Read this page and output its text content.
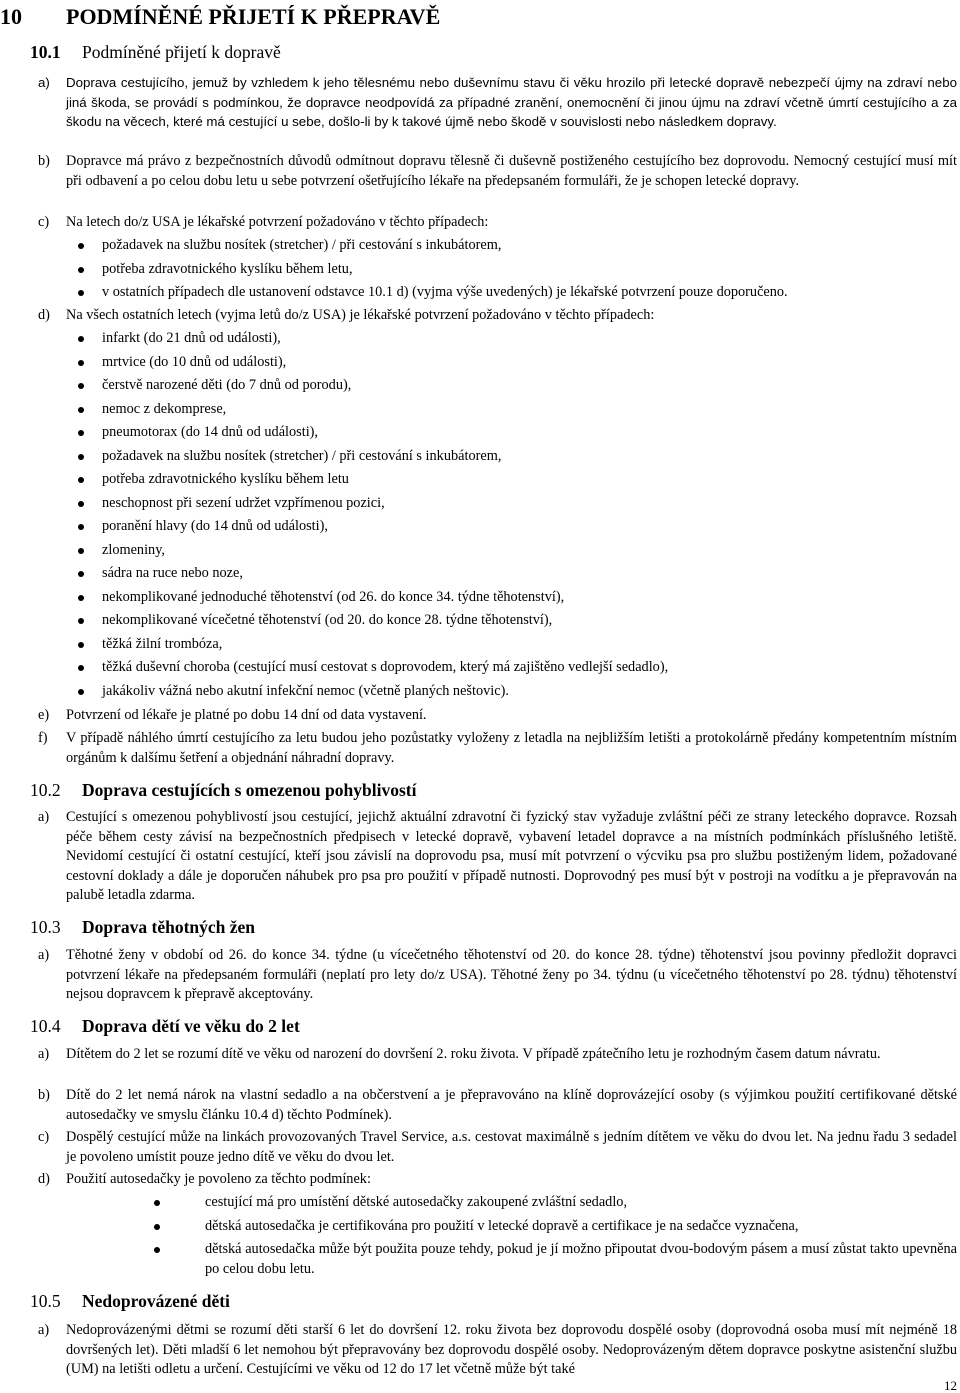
10 PODMÍNĚNÉ PŘIJETÍ K PŘEPRAVĚ
10.1 Podmíněné přijetí k dopravě
a)	Doprava cestujícího, jemuž by vzhledem k jeho tělesnému nebo duševnímu stavu či věku hrozilo při letecké dopravě nebezpečí újmy na zdraví nebo jiná škoda, se provádí s podmínkou, že dopravce neodpovídá za případné zranění, onemocnění či jinou újmu na zdraví včetně úmrtí cestujícího a za škodu na věcech, které má cestující u sebe, došlo-li by k takové újmě nebo škodě v souvislosti nebo následkem dopravy.
b)	Dopravce má právo z bezpečnostních důvodů odmítnout dopravu tělesně či duševně postiženého cestujícího bez doprovodu. Nemocný cestující musí mít při odbavení a po celou dobu letu u sebe potvrzení ošetřujícího lékaře na předepsaném formuláři, že je schopen letecké dopravy.
c)	Na letech do/z USA je lékařské potvrzení požadováno v těchto případech:
požadavek na službu nosítek (stretcher) / při cestování s inkubátorem,
potřeba zdravotnického kyslíku během letu,
v ostatních případech dle ustanovení odstavce 10.1 d) (vyjma výše uvedených) je lékařské potvrzení pouze doporučeno.
d)	Na všech ostatních letech (vyjma letů do/z USA) je lékařské potvrzení požadováno v těchto případech:
infarkt (do 21 dnů od události),
mrtvice (do 10 dnů od události),
čerstvě narozené děti (do 7 dnů od porodu),
nemoc z dekomprese,
pneumotorax (do 14 dnů od události),
požadavek na službu nosítek (stretcher) / při cestování s inkubátorem,
potřeba zdravotnického kyslíku během letu
neschopnost při sezení udržet vzpřímenou pozici,
poranění hlavy (do 14 dnů od události),
zlomeniny,
sádra na ruce nebo noze,
nekomplikované jednoduché těhotenství (od 26. do konce 34. týdne těhotenství),
nekomplikované vícečetné těhotenství (od 20. do konce 28. týdne těhotenství),
těžká žilní trombóza,
těžká duševní choroba (cestující musí cestovat s doprovodem, který má zajištěno vedlejší sedadlo),
jakákoliv vážná nebo akutní infekční nemoc (včetně planých neštovic).
e)	Potvrzení od lékaře je platné po dobu 14 dní od data vystavení.
f)	V případě náhlého úmrtí cestujícího za letu budou jeho pozůstatky vyloženy z letadla na nejbližším letišti a protokolárně předány kompetentním místním orgánům k dalšímu šetření a objednání náhradní dopravy.
10.2 Doprava cestujících s omezenou pohyblivostí
a)	Cestující s omezenou pohyblivostí jsou cestující, jejichž aktuální zdravotní či fyzický stav vyžaduje zvláštní péči ze strany leteckého dopravce. Rozsah péče během cesty závisí na bezpečnostních předpisech v letecké dopravě, vybavení letadel dopravce a na místních podmínkách příslušného letiště. Nevidomí cestující či ostatní cestující, kteří jsou závislí na doprovodu psa, musí mít potvrzení o výcviku psa pro službu postiženým lidem, požadované cestovní doklady a dále je doporučen náhubek pro psa pro použití v případě nutnosti. Doprovodný pes musí být v postroji na vodítku a je přepravován na palubě letadla zdarma.
10.3 Doprava těhotných žen
a)	Těhotné ženy v období od 26. do konce 34. týdne (u vícečetného těhotenství od 20. do konce 28. týdne) těhotenství jsou povinny předložit dopravci potvrzení lékaře na předepsaném formuláři (neplatí pro lety do/z USA). Těhotné ženy po 34. týdnu (u vícečetného těhotenství po 28. týdnu) těhotenství nejsou dopravcem k přepravě akceptovány.
10.4 Doprava dětí ve věku do 2 let
a)	Dítětem do 2 let se rozumí dítě ve věku od narození do dovršení 2. roku života. V případě zpátečního letu je rozhodným časem datum návratu.
b)	Dítě do 2 let nemá nárok na vlastní sedadlo a na občerstvení a je přepravováno na klíně doprovázející osoby (s výjimkou použití certifikované dětské autosedačky ve smyslu článku 10.4 d) těchto Podmínek).
c)	Dospělý cestující může na linkách provozovaných Travel Service, a.s. cestovat maximálně s jedním dítětem ve věku do dvou let. Na jednu řadu 3 sedadel je povoleno umístit pouze jedno dítě ve věku do dvou let.
d)	Použití autosedačky je povoleno za těchto podmínek:
cestující má pro umístění dětské autosedačky zakoupené zvláštní sedadlo,
dětská autosedačka je certifikována pro použití v letecké dopravě a certifikace je na sedačce vyznačena,
dětská autosedačka může být použita pouze tehdy, pokud je jí možno připoutat dvou-bodovým pásem a musí zůstat takto upevněna po celou dobu letu.
10.5 Nedoprovázené děti
a)	Nedoprovázenými dětmi se rozumí děti starší 6 let do dovršení 12. roku života bez doprovodu dospělé osoby (doprovodná osoba musí mít nejméně 18 dovršených let). Děti mladší 6 let nemohou být přepravovány bez doprovodu dospělé osoby. Nedoprovázeným dětem dopravce poskytne asistenční službu (UM) na letišti odletu a určení. Cestujícími ve věku od 12 do 17 let včetně může být také
12
